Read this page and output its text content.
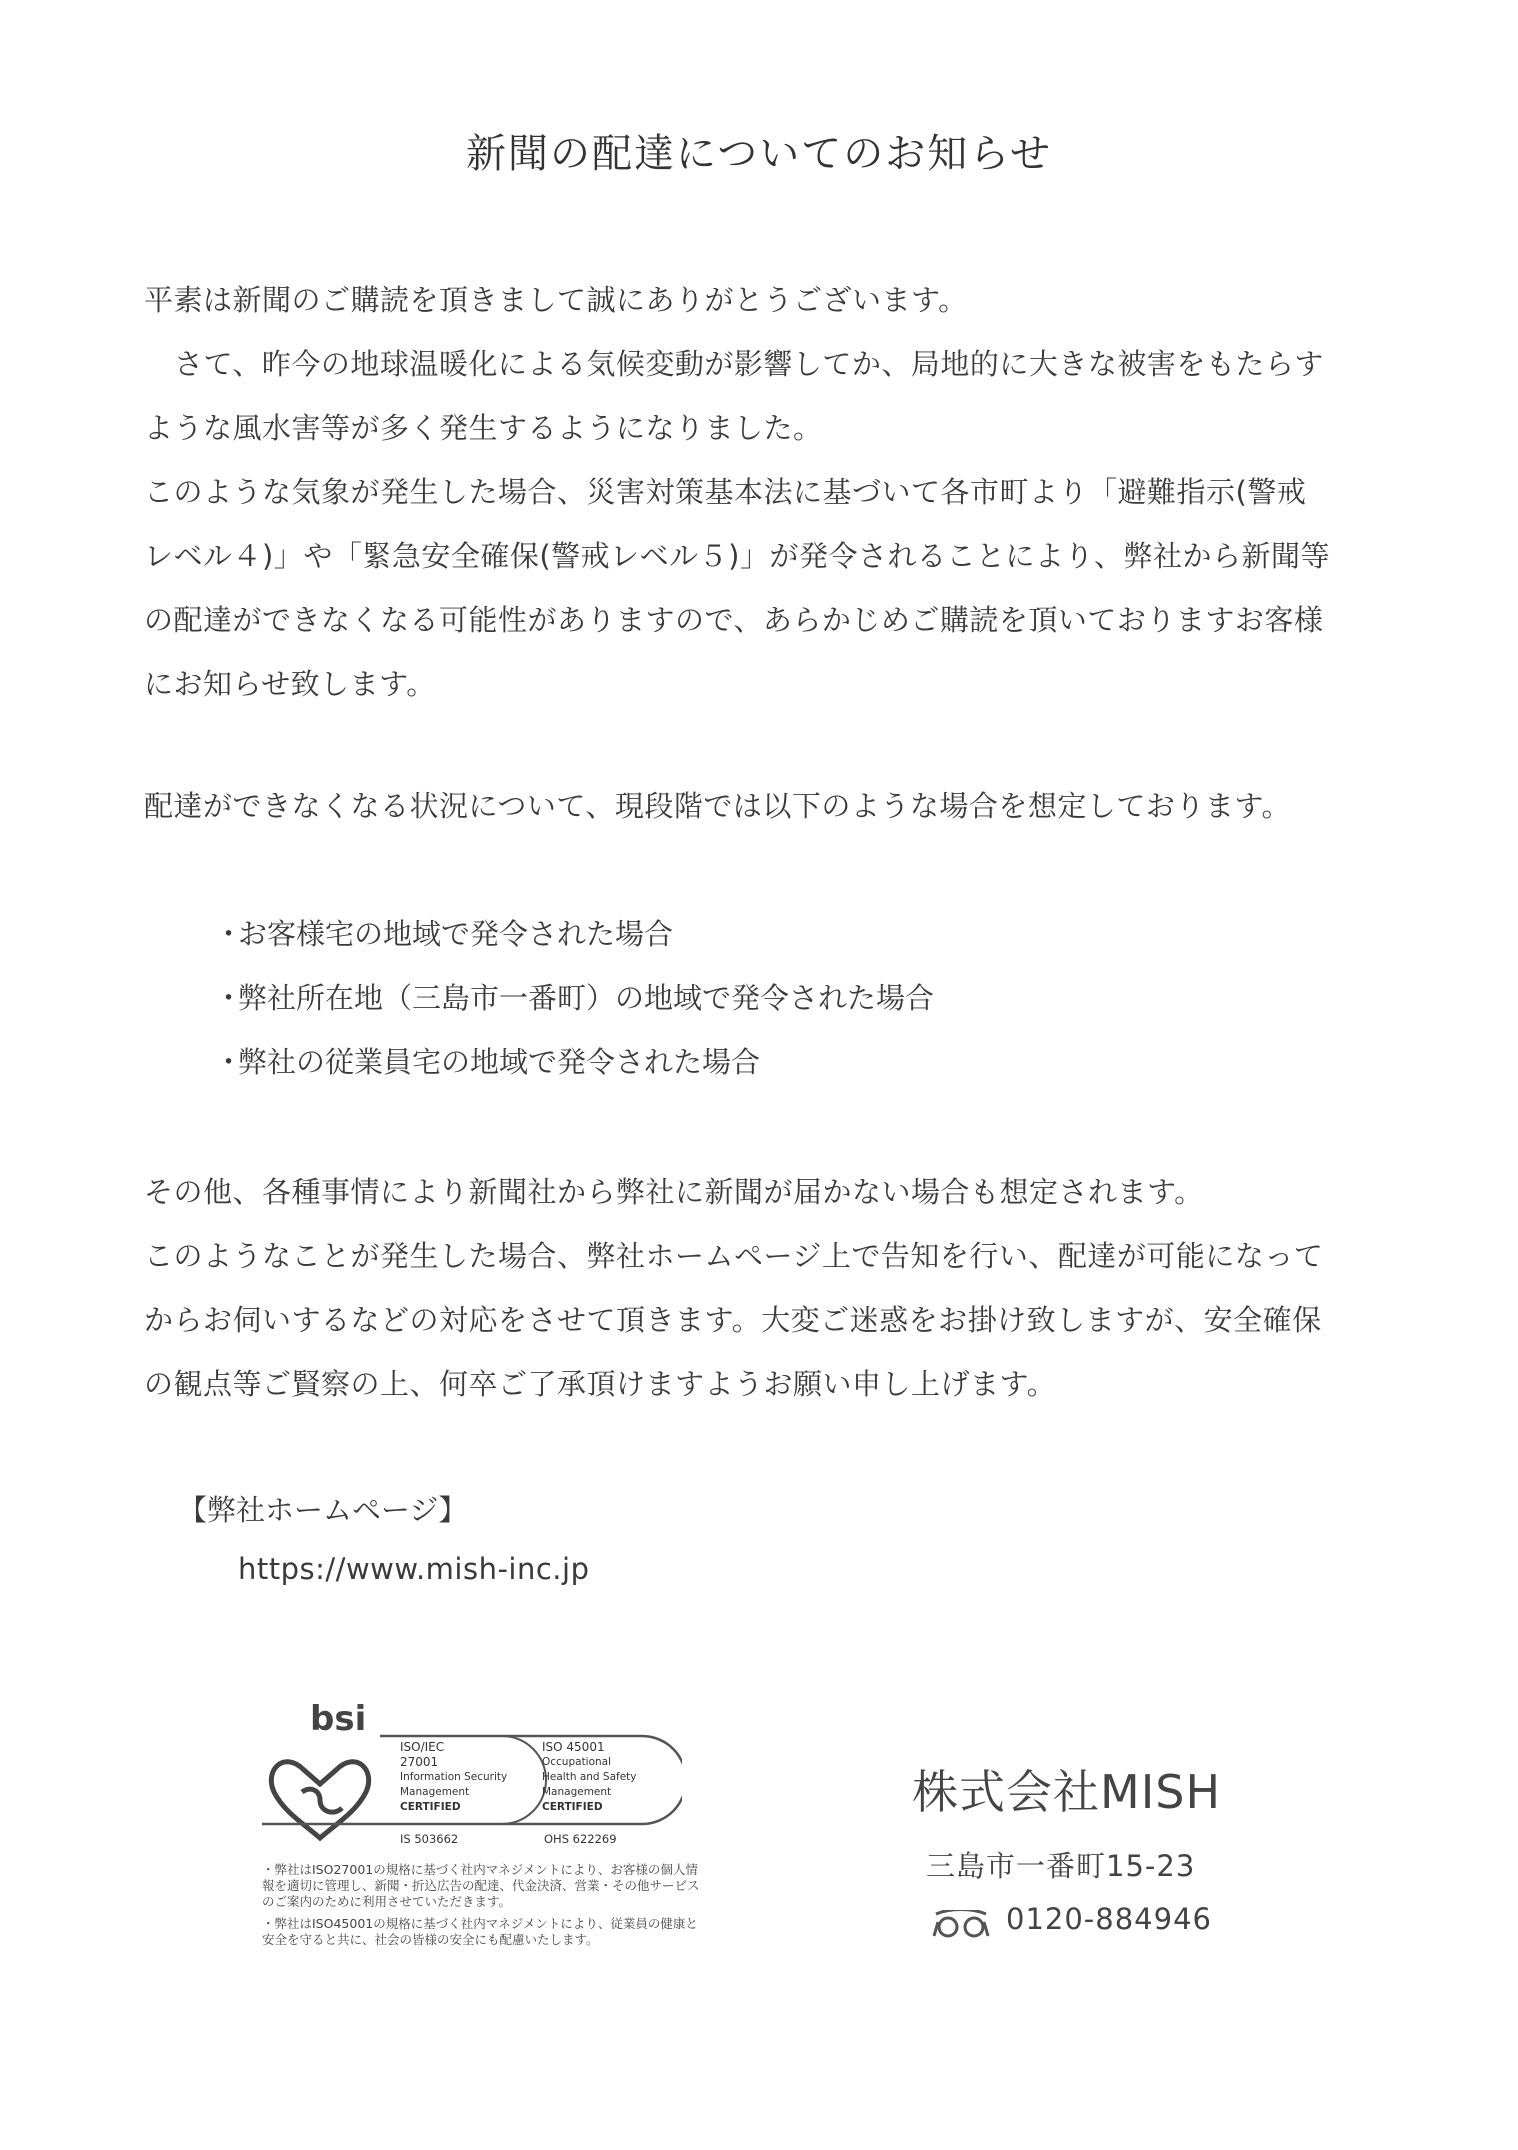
新聞の配達についてのお知らせ
平素は新聞のご購読を頂きまして誠にありがとうございます。
さて、昨今の地球温暖化による気候変動が影響してか、局地的に大きな被害をもたらす
ような風水害等が多く発生するようになりました。
このような気象が発生した場合、災害対策基本法に基づいて各市町より「避難指示(警戒
レベル４)」や「緊急安全確保(警戒レベル５)」が発令されることにより、弊社から新聞等
の配達ができなくなる可能性がありますので、あらかじめご購読を頂いておりますお客様
にお知らせ致します。
配達ができなくなる状況について、現段階では以下のような場合を想定しております。
・お客様宅の地域で発令された場合
・弊社所在地（三島市一番町）の地域で発令された場合
・弊社の従業員宅の地域で発令された場合
その他、各種事情により新聞社から弊社に新聞が届かない場合も想定されます。
このようなことが発生した場合、弊社ホームページ上で告知を行い、配達が可能になって
からお伺いするなどの対応をさせて頂きます。大変ご迷惑をお掛け致しますが、安全確保
の観点等ご賢察の上、何卒ご了承頂けますようお願い申し上げます。
【弊社ホームページ】
https://www.mish-inc.jp
bsi
ISO/IEC
27001
Information Security
Management
CERTIFIED
ISO 45001
Occupational
Health and Safety
Management
CERTIFIED
IS 503662	OHS 622269
・弊社はISO27001の規格に基づく社内マネジメントにより、お客様の個人情報を適切に管理し、新聞・折込広告の配達、代金決済、営業・その他サービスのご案内のために利用させていただきます。
・弊社はISO45001の規格に基づく社内マネジメントにより、従業員の健康と安全を守ると共に、社会の皆様の安全にも配慮いたします。
株式会社MISH
三島市一番町15-23
0120-884946
